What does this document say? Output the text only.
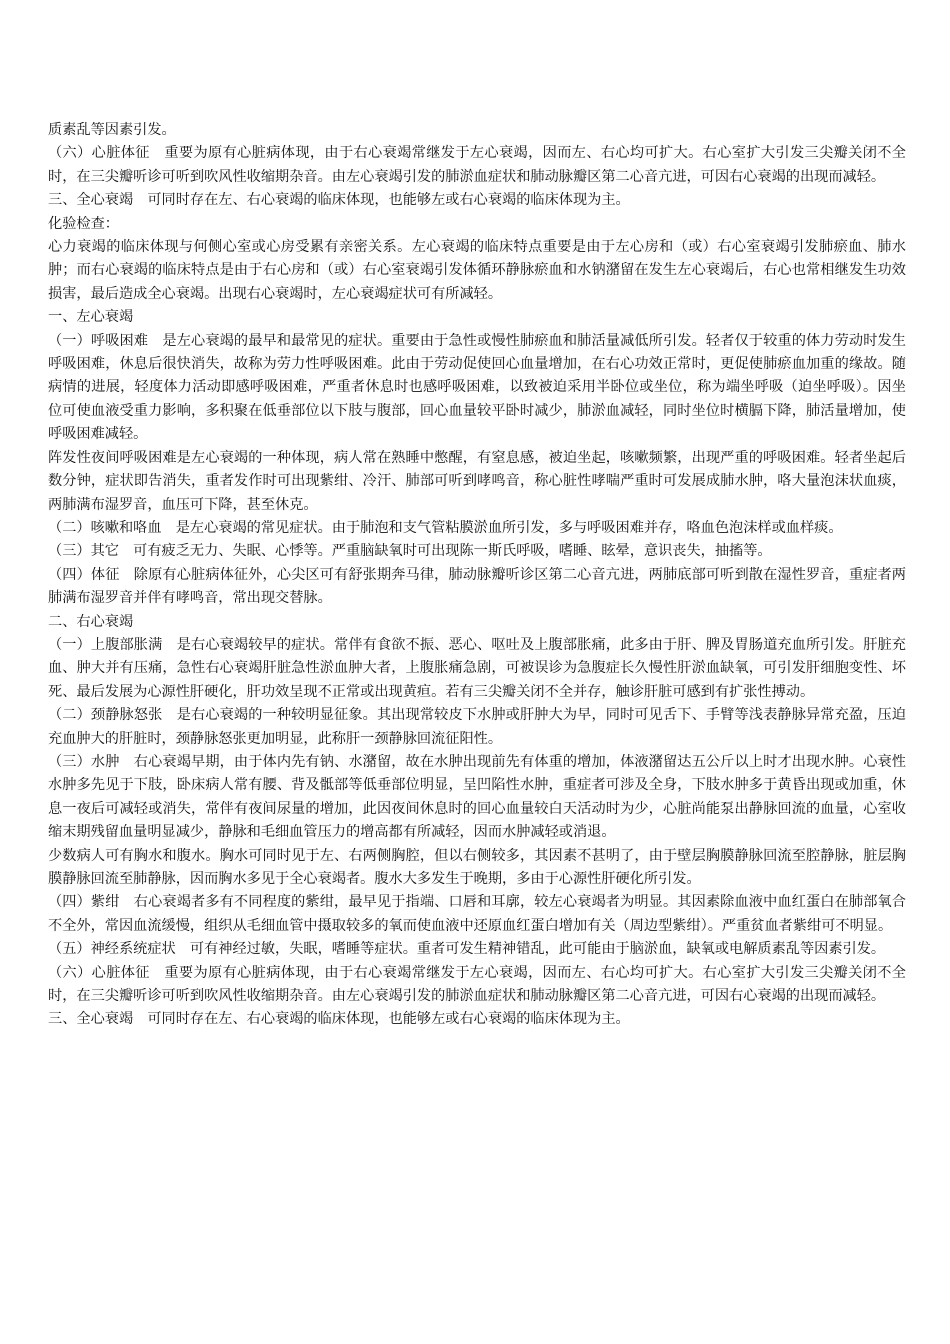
质素乱等因素引发。

（六）心脏体征　重要为原有心脏病体现，由于右心衰竭常继发于左心衰竭，因而左、右心均可扩大。右心室扩大引发三尖瓣关闭不全时，在三尖瓣听诊可听到吹风性收缩期杂音。由左心衰竭引发的肺淤血症状和肺动脉瓣区第二心音亢进，可因右心衰竭的出现而减轻。

三、全心衰竭　可同时存在左、右心衰竭的临床体现，也能够左或右心衰竭的临床体现为主。

化验检查：

心力衰竭的临床体现与何侧心室或心房受累有亲密关系。左心衰竭的临床特点重要是由于左心房和（或）右心室衰竭引发肺瘀血、肺水肿；而右心衰竭的临床特点是由于右心房和（或）右心室衰竭引发体循环静脉瘀血和水钠潴留在发生左心衰竭后，右心也常相继发生功效损害，最后造成全心衰竭。出现右心衰竭时，左心衰竭症状可有所减轻。

一、左心衰竭

（一）呼吸困难　是左心衰竭的最早和最常见的症状。重要由于急性或慢性肺瘀血和肺活量减低所引发。轻者仅于较重的体力劳动时发生呼吸困难，休息后很快消失，故称为劳力性呼吸困难。此由于劳动促使回心血量增加，在右心功效正常时，更促使肺瘀血加重的缘故。随病情的进展，轻度体力活动即感呼吸困难，严重者休息时也感呼吸困难，以致被迫采用半卧位或坐位，称为端坐呼吸（迫坐呼吸）。因坐位可使血液受重力影响，多积聚在低垂部位以下肢与腹部，回心血量较平卧时减少，肺淤血减轻，同时坐位时横膈下降，肺活量增加，使呼吸困难减轻。

阵发性夜间呼吸困难是左心衰竭的一种体现，病人常在熟睡中憋醒，有窒息感，被迫坐起，咳嗽频繁，出现严重的呼吸困难。轻者坐起后数分钟，症状即告消失，重者发作时可出现紫绀、冷汗、肺部可听到哮鸣音，称心脏性哮喘严重时可发展成肺水肿，咯大量泡沫状血痰，两肺满布湿罗音，血压可下降，甚至休克。

（二）咳嗽和咯血　是左心衰竭的常见症状。由于肺泡和支气管粘膜淤血所引发，多与呼吸困难并存，咯血色泡沫样或血样痰。

（三）其它　可有疲乏无力、失眠、心悸等。严重脑缺氧时可出现陈一斯氏呼吸，嗜睡、眩晕，意识丧失，抽搐等。

（四）体征　除原有心脏病体征外，心尖区可有舒张期奔马律，肺动脉瓣听诊区第二心音亢进，两肺底部可听到散在湿性罗音，重症者两肺满布湿罗音并伴有哮鸣音，常出现交替脉。

二、右心衰竭

（一）上腹部胀满　是右心衰竭较早的症状。常伴有食欲不振、恶心、呕吐及上腹部胀痛，此多由于肝、脾及胃肠道充血所引发。肝脏充血、肿大并有压痛，急性右心衰竭肝脏急性淤血肿大者，上腹胀痛急剧，可被误诊为急腹症长久慢性肝淤血缺氧，可引发肝细胞变性、坏死、最后发展为心源性肝硬化，肝功效呈现不正常或出现黄疸。若有三尖瓣关闭不全并存，触诊肝脏可感到有扩张性搏动。

（二）颈静脉怒张　是右心衰竭的一种较明显征象。其出现常较皮下水肿或肝肿大为早，同时可见舌下、手臂等浅表静脉异常充盈，压迫充血肿大的肝脏时，颈静脉怒张更加明显，此称肝一颈静脉回流征阳性。

（三）水肿　右心衰竭早期，由于体内先有钠、水潴留，故在水肿出现前先有体重的增加，体液潴留达五公斤以上时才出现水肿。心衰性水肿多先见于下肢，卧床病人常有腰、背及骶部等低垂部位明显，呈凹陷性水肿，重症者可涉及全身，下肢水肿多于黄昏出现或加重，休息一夜后可减轻或消失，常伴有夜间尿量的增加，此因夜间休息时的回心血量较白天活动时为少，心脏尚能泵出静脉回流的血量，心室收缩末期残留血量明显减少，静脉和毛细血管压力的增高都有所减轻，因而水肿减轻或消退。

少数病人可有胸水和腹水。胸水可同时见于左、右两侧胸腔，但以右侧较多，其因素不甚明了，由于壁层胸膜静脉回流至腔静脉，脏层胸膜静脉回流至肺静脉，因而胸水多见于全心衰竭者。腹水大多发生于晚期，多由于心源性肝硬化所引发。

（四）紫绀　右心衰竭者多有不同程度的紫绀，最早见于指端、口唇和耳廓，较左心衰竭者为明显。其因素除血液中血红蛋白在肺部氧合不全外，常因血流缓慢，组织从毛细血管中摄取较多的氧而使血液中还原血红蛋白增加有关（周边型紫绀）。严重贫血者紫绀可不明显。

（五）神经系统症状　可有神经过敏，失眠，嗜睡等症状。重者可发生精神错乱，此可能由于脑淤血，缺氧或电解质素乱等因素引发。

（六）心脏体征　重要为原有心脏病体现，由于右心衰竭常继发于左心衰竭，因而左、右心均可扩大。右心室扩大引发三尖瓣关闭不全时，在三尖瓣听诊可听到吹风性收缩期杂音。由左心衰竭引发的肺淤血症状和肺动脉瓣区第二心音亢进，可因右心衰竭的出现而减轻。

三、全心衰竭　可同时存在左、右心衰竭的临床体现，也能够左或右心衰竭的临床体现为主。
